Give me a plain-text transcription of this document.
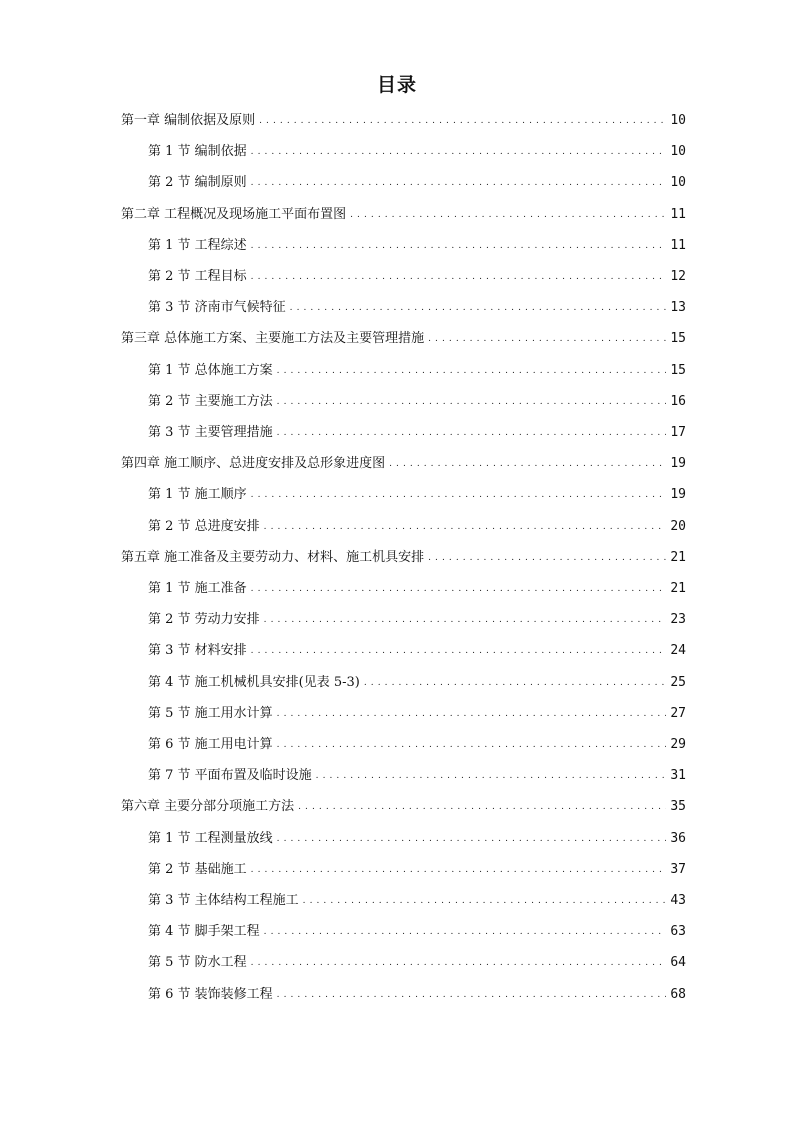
目录
第一章 编制依据及原则 . . .	10
第 1 节 编制依据 . . .	10
第 2 节 编制原则 . . .	10
第二章 工程概况及现场施工平面布置图 . . .	11
第 1 节 工程综述 . . .	11
第 2 节 工程目标 . . .	12
第 3 节 济南市气候特征 . . .	13
第三章 总体施工方案、主要施工方法及主要管理措施 . . .	15
第 1 节 总体施工方案 . . .	15
第 2 节 主要施工方法 . . .	16
第 3 节 主要管理措施 . . .	17
第四章 施工顺序、总进度安排及总形象进度图 . . .	19
第 1 节 施工顺序 . . .	19
第 2 节 总进度安排 . . .	20
第五章 施工准备及主要劳动力、材料、施工机具安排 . . .	21
第 1 节 施工准备 . . .	21
第 2 节 劳动力安排 . . .	23
第 3 节 材料安排 . . .	24
第 4 节 施工机械机具安排(见表 5-3) . . .	25
第 5 节 施工用水计算 . . .	27
第 6 节 施工用电计算 . . .	29
第 7 节 平面布置及临时设施 . . .	31
第六章 主要分部分项施工方法 . . .	35
第 1 节 工程测量放线 . . .	36
第 2 节 基础施工 . . .	37
第 3 节 主体结构工程施工 . . .	43
第 4 节 脚手架工程 . . .	63
第 5 节 防水工程 . . .	64
第 6 节 装饰装修工程 . . .	68
